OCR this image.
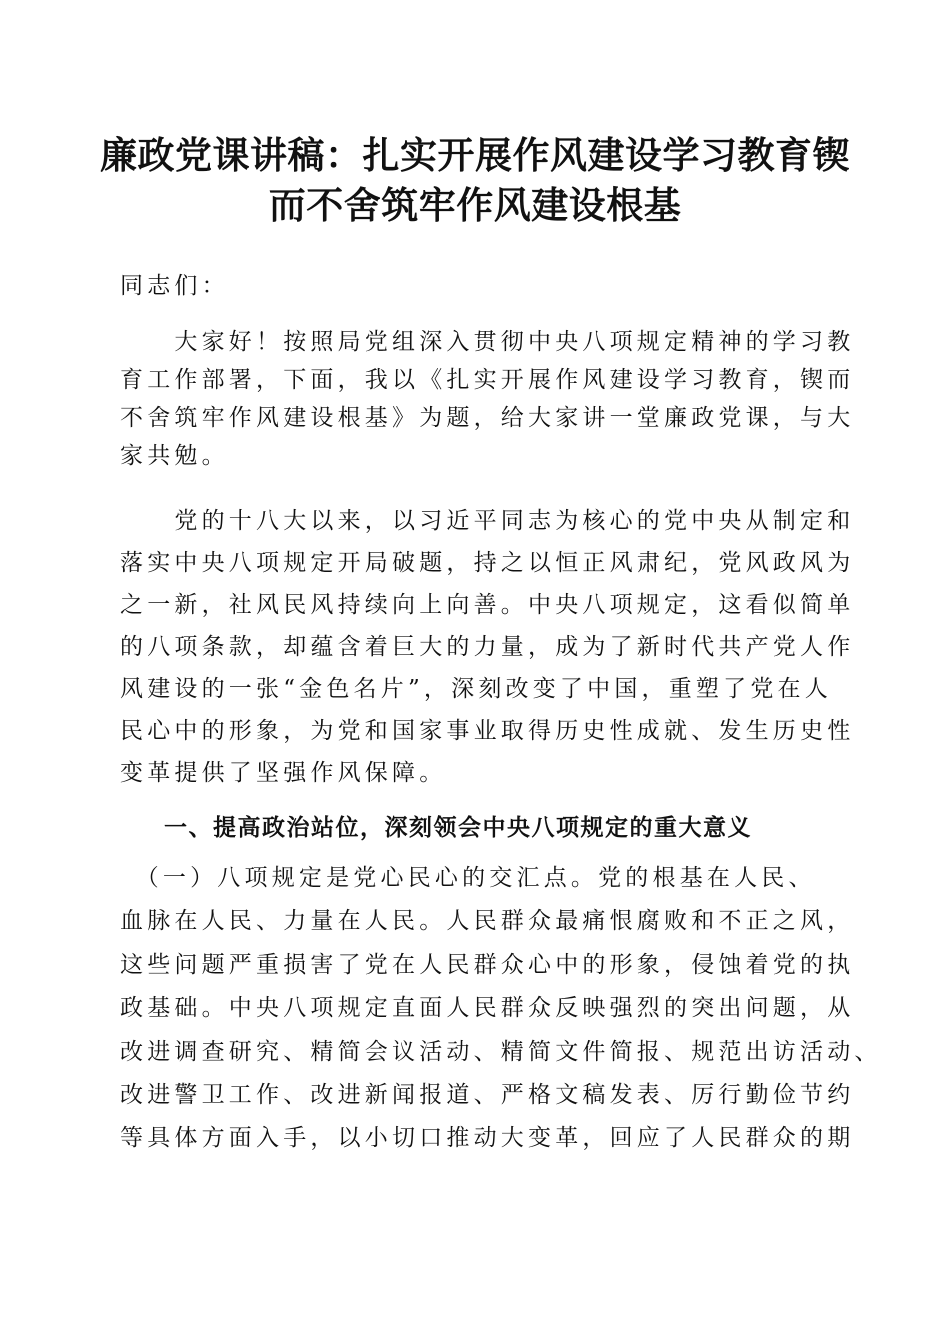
廉政党课讲稿：扎实开展作风建设学习教育锲
而不舍筑牢作风建设根基

同志们：

　　大家好！按照局党组深入贯彻中央八项规定精神的学习教

育工作部署，下面，我以《扎实开展作风建设学习教育，锲而

不舍筑牢作风建设根基》为题，给大家讲一堂廉政党课，与大

家共勉。

　　党的十八大以来，以习近平同志为核心的党中央从制定和

落实中央八项规定开局破题，持之以恒正风肃纪，党风政风为

之一新，社风民风持续向上向善。中央八项规定，这看似简单

的八项条款，却蕴含着巨大的力量，成为了新时代共产党人作

风建设的一张“金色名片”，深刻改变了中国，重塑了党在人

民心中的形象，为党和国家事业取得历史性成就、发生历史性

变革提供了坚强作风保障。

一、提高政治站位，深刻领会中央八项规定的重大意义

　（一）八项规定是党心民心的交汇点。党的根基在人民、

血脉在人民、力量在人民。人民群众最痛恨腐败和不正之风，

这些问题严重损害了党在人民群众心中的形象，侵蚀着党的执

政基础。中央八项规定直面人民群众反映强烈的突出问题，从

改进调查研究、精简会议活动、精简文件简报、规范出访活动、

改进警卫工作、改进新闻报道、严格文稿发表、厉行勤俭节约

等具体方面入手，以小切口推动大变革，回应了人民群众的期
